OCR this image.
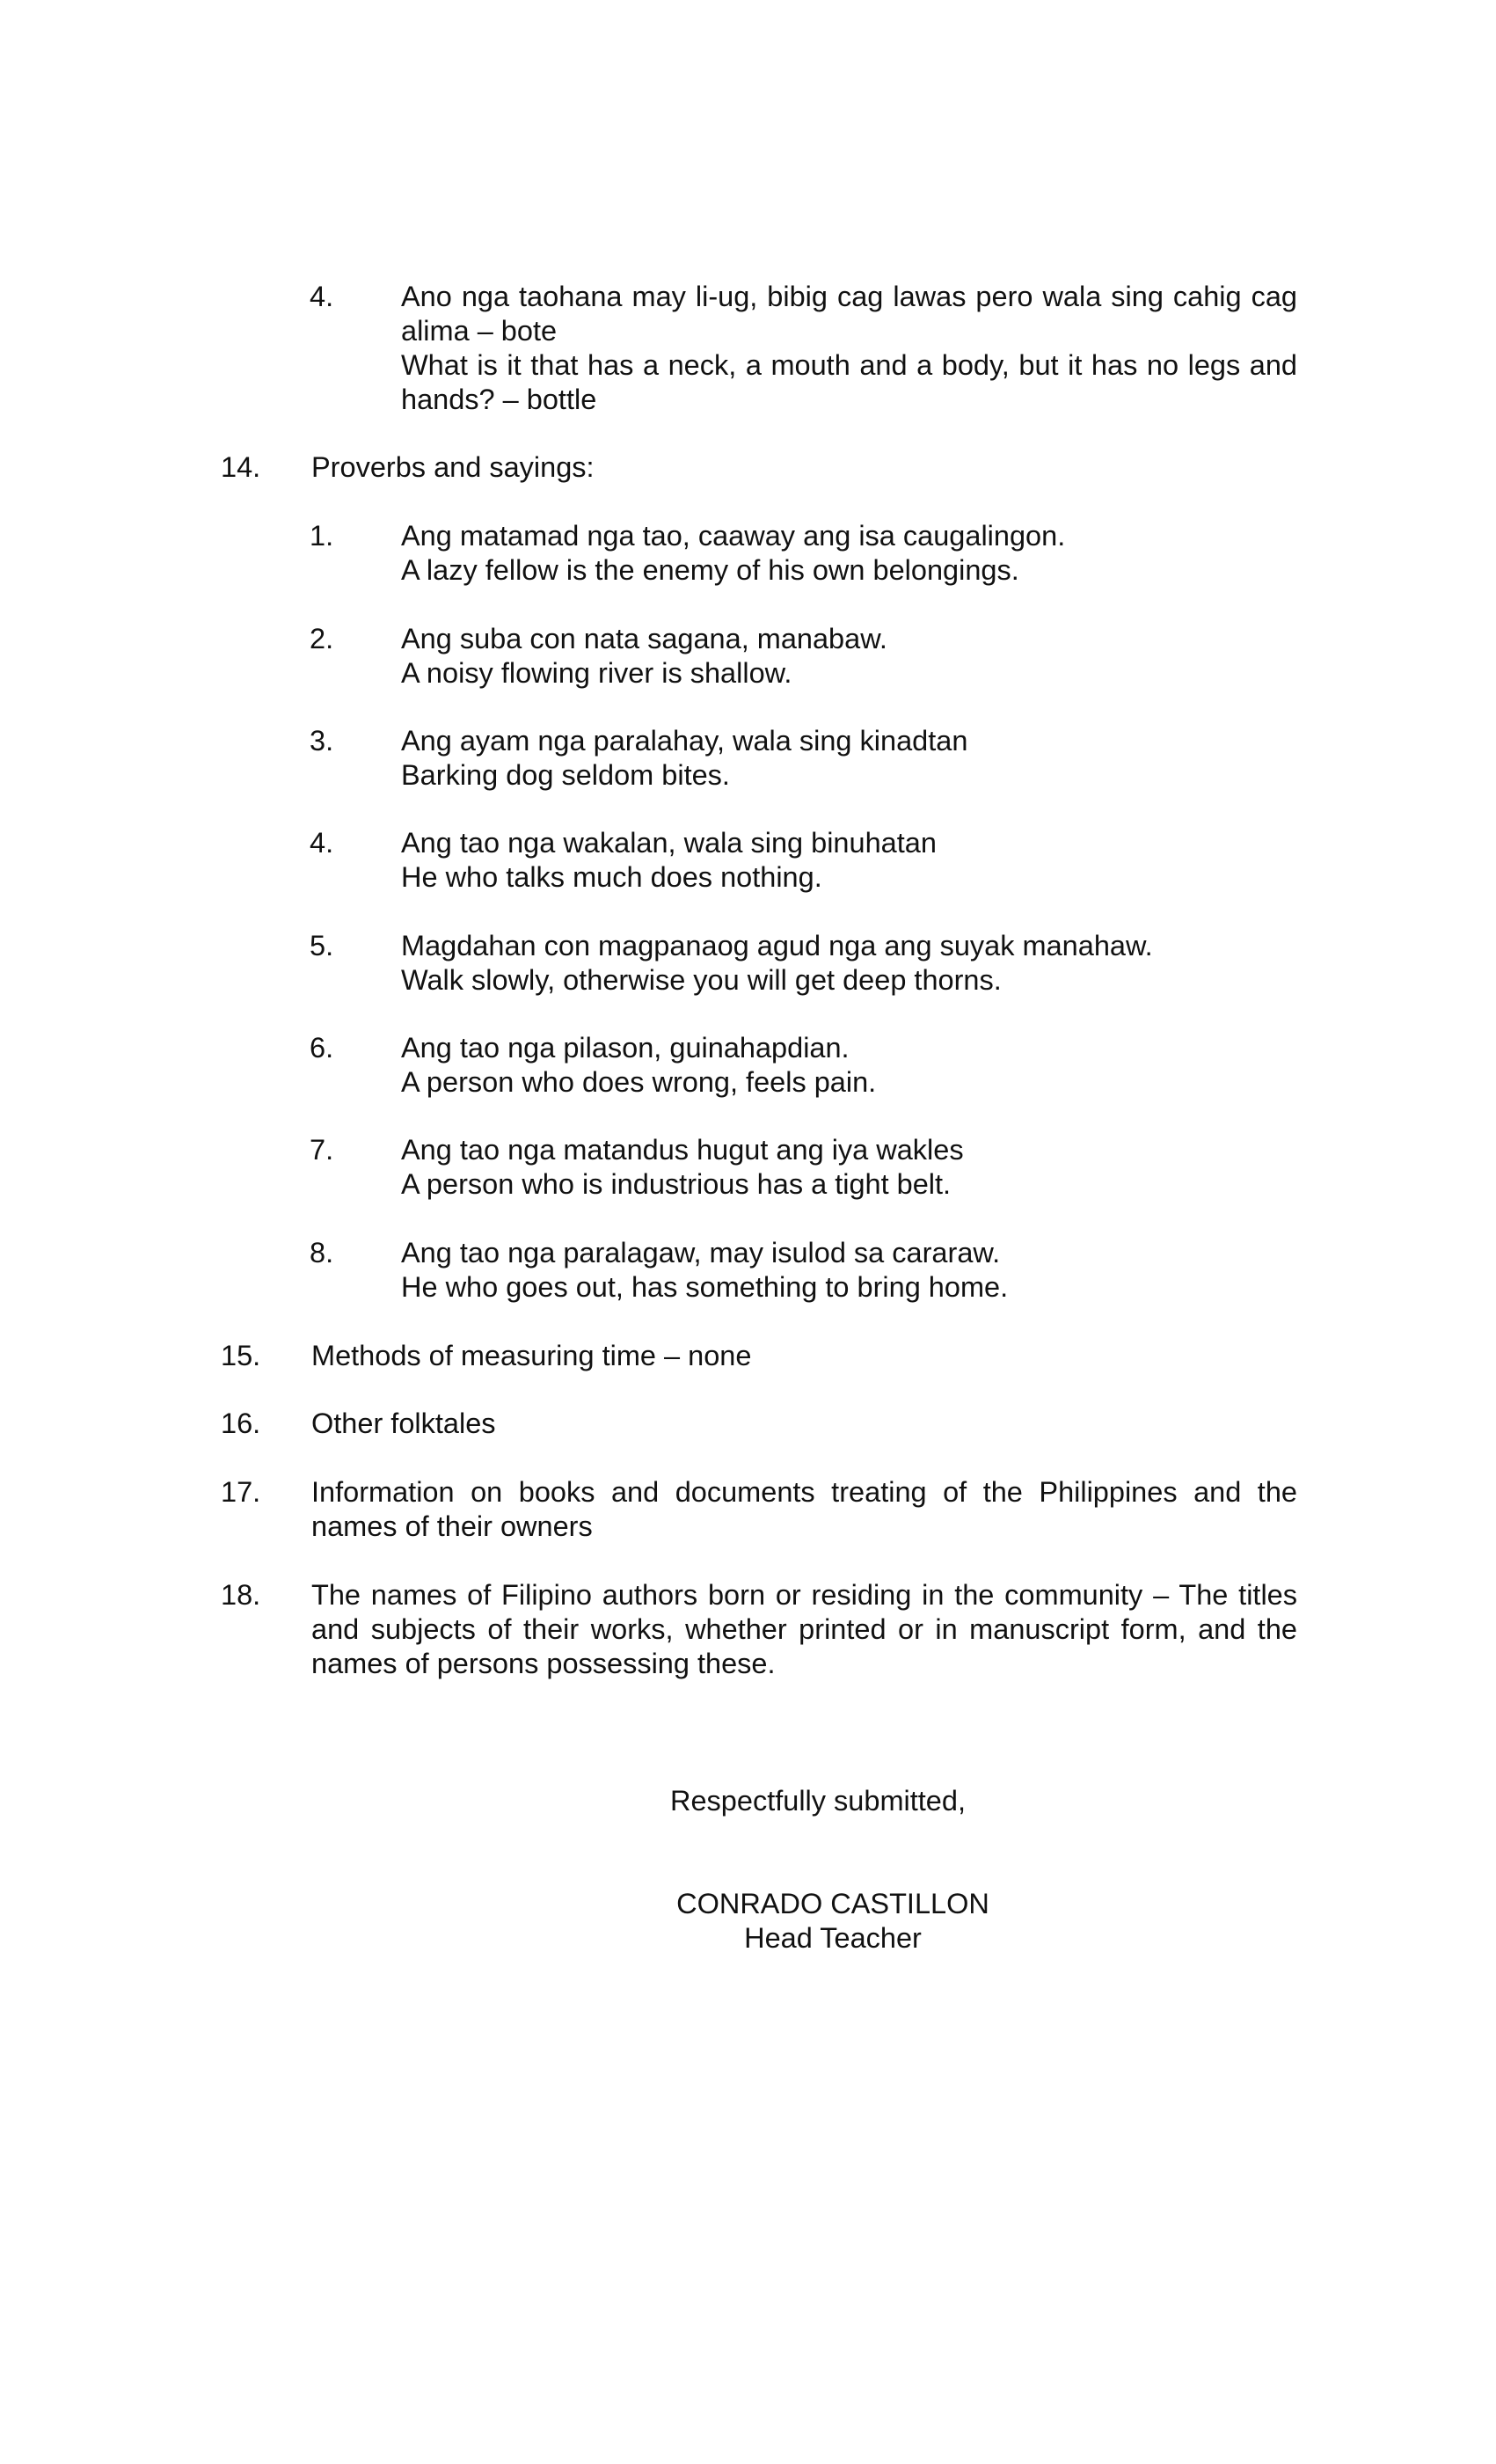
4. Ano nga taohana may li-ug, bibig cag lawas pero wala sing cahig cag alima – bote

What is it that has a neck, a mouth and a body, but it has no legs and hands? – bottle

14. Proverbs and sayings:
1. Ang matamad nga tao, caaway ang isa caugalingon.

A lazy fellow is the enemy of his own belongings.

2. Ang suba con nata sagana, manabaw.

A noisy flowing river is shallow.

3. Ang ayam nga paralahay, wala sing kinadtan

Barking dog seldom bites.

4. Ang tao nga wakalan, wala sing binuhatan

He who talks much does nothing.

5. Magdahan con magpanaog agud nga ang suyak manahaw.

Walk slowly, otherwise you will get deep thorns.

6. Ang tao nga pilason, guinahapdian.

A person who does wrong, feels pain.

7. Ang tao nga matandus hugut ang iya wakles

A person who is industrious has a tight belt.

8. Ang tao nga paralagaw, may isulod sa cararaw.

He who goes out, has something to bring home.

15. Methods of measuring time – none
16. Other folktales
17. Information on books and documents treating of the Philippines and the names of their owners
18. The names of Filipino authors born or residing in the community – The titles and subjects of their works, whether printed or in manuscript form, and the names of persons possessing these.
Respectfully submitted,

CONRADO CASTILLON

Head Teacher
